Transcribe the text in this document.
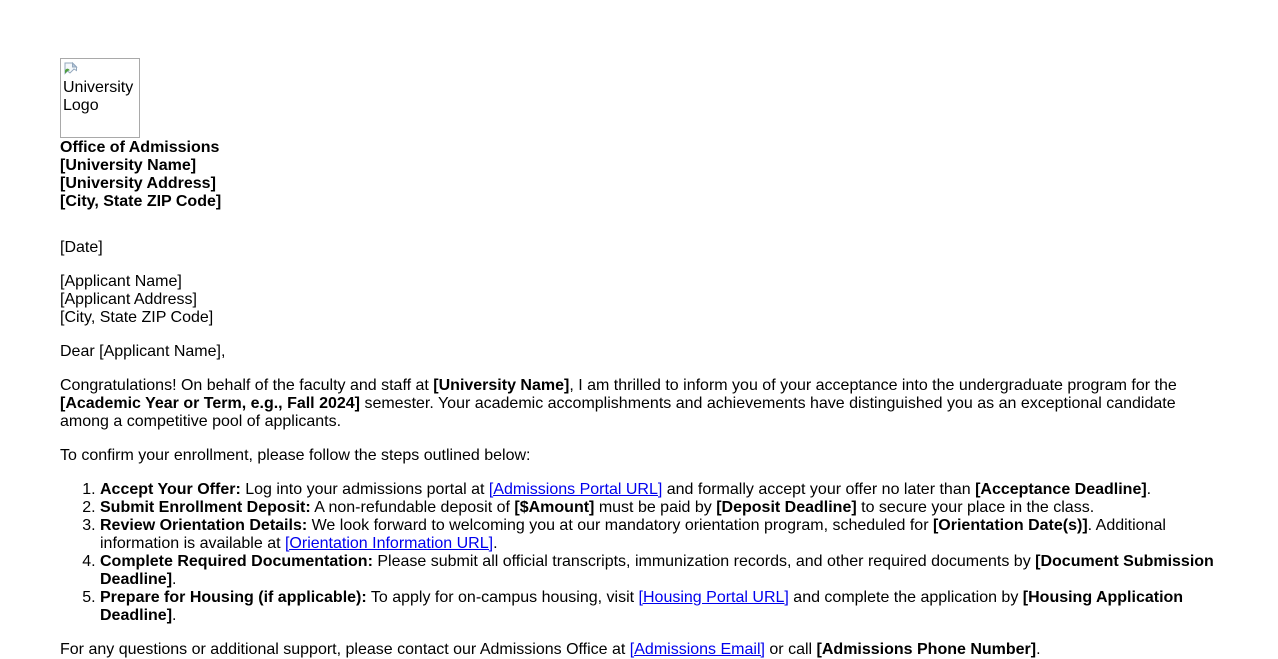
University Logo

Office of Admissions
[University Name]
[University Address]
[City, State ZIP Code]

[Date]

[Applicant Name]
[Applicant Address]
[City, State ZIP Code]

Dear [Applicant Name],

Congratulations! On behalf of the faculty and staff at [University Name], I am thrilled to inform you of your acceptance into the undergraduate program for the [Academic Year or Term, e.g., Fall 2024] semester. Your academic accomplishments and achievements have distinguished you as an exceptional candidate among a competitive pool of applicants.

To confirm your enrollment, please follow the steps outlined below:

1. Accept Your Offer: Log into your admissions portal at [Admissions Portal URL] and formally accept your offer no later than [Acceptance Deadline].
2. Submit Enrollment Deposit: A non-refundable deposit of [$Amount] must be paid by [Deposit Deadline] to secure your place in the class.
3. Review Orientation Details: We look forward to welcoming you at our mandatory orientation program, scheduled for [Orientation Date(s)]. Additional information is available at [Orientation Information URL].
4. Complete Required Documentation: Please submit all official transcripts, immunization records, and other required documents by [Document Submission Deadline].
5. Prepare for Housing (if applicable): To apply for on-campus housing, visit [Housing Portal URL] and complete the application by [Housing Application Deadline].

For any questions or additional support, please contact our Admissions Office at [Admissions Email] or call [Admissions Phone Number].
